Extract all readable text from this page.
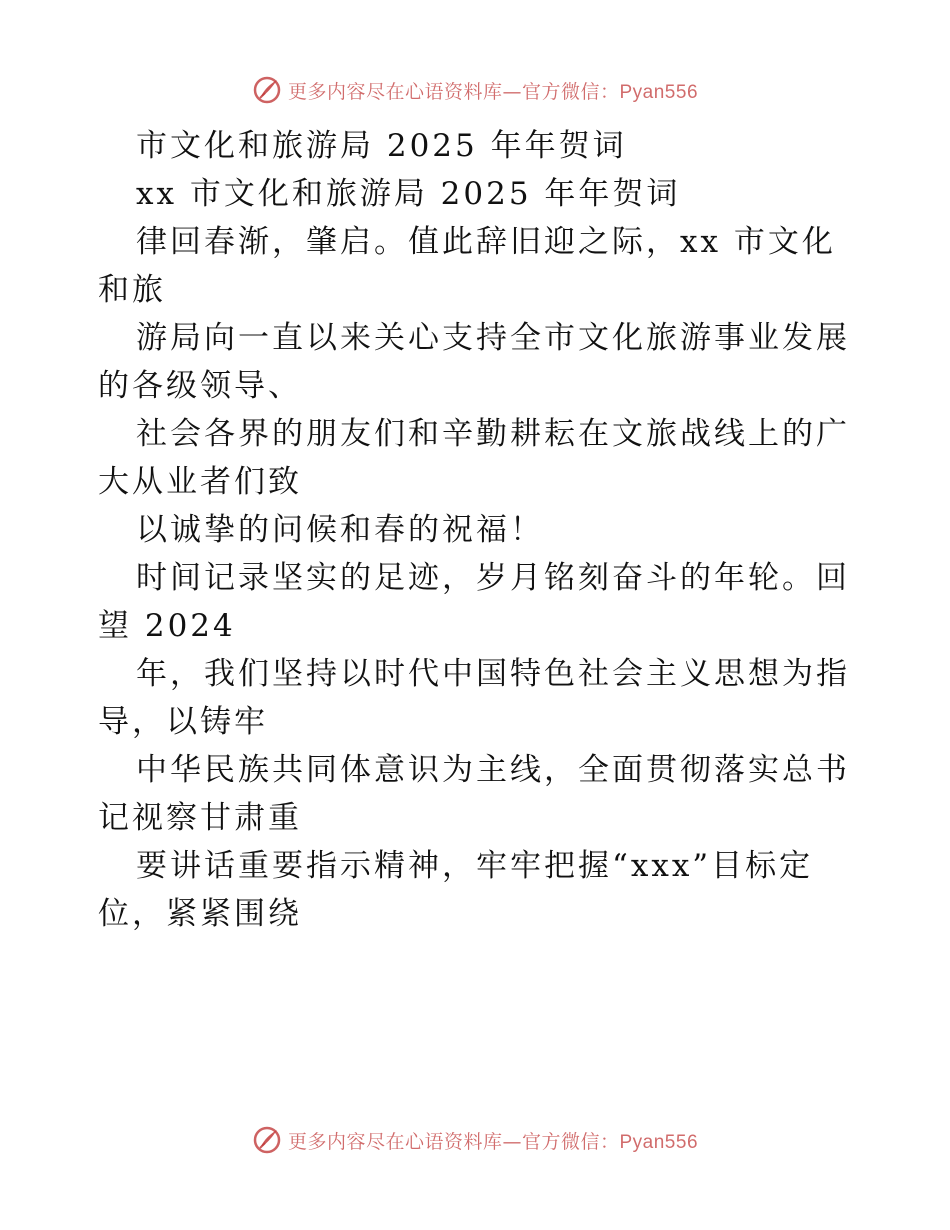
更多内容尽在心语资料库—官方微信：Pyan556
市文化和旅游局 2025 年年贺词
xx 市文化和旅游局 2025 年年贺词
律回春渐，肇启。值此辞旧迎之际，xx 市文化
和旅
游局向一直以来关心支持全市文化旅游事业发展
的各级领导、
社会各界的朋友们和辛勤耕耘在文旅战线上的广
大从业者们致
以诚挚的问候和春的祝福！
时间记录坚实的足迹，岁月铭刻奋斗的年轮。回
望 2024
年，我们坚持以时代中国特色社会主义思想为指
导，以铸牢
中华民族共同体意识为主线，全面贯彻落实总书
记视察甘肃重
要讲话重要指示精神，牢牢把握“xxx”目标定
位，紧紧围绕
更多内容尽在心语资料库—官方微信：Pyan556
